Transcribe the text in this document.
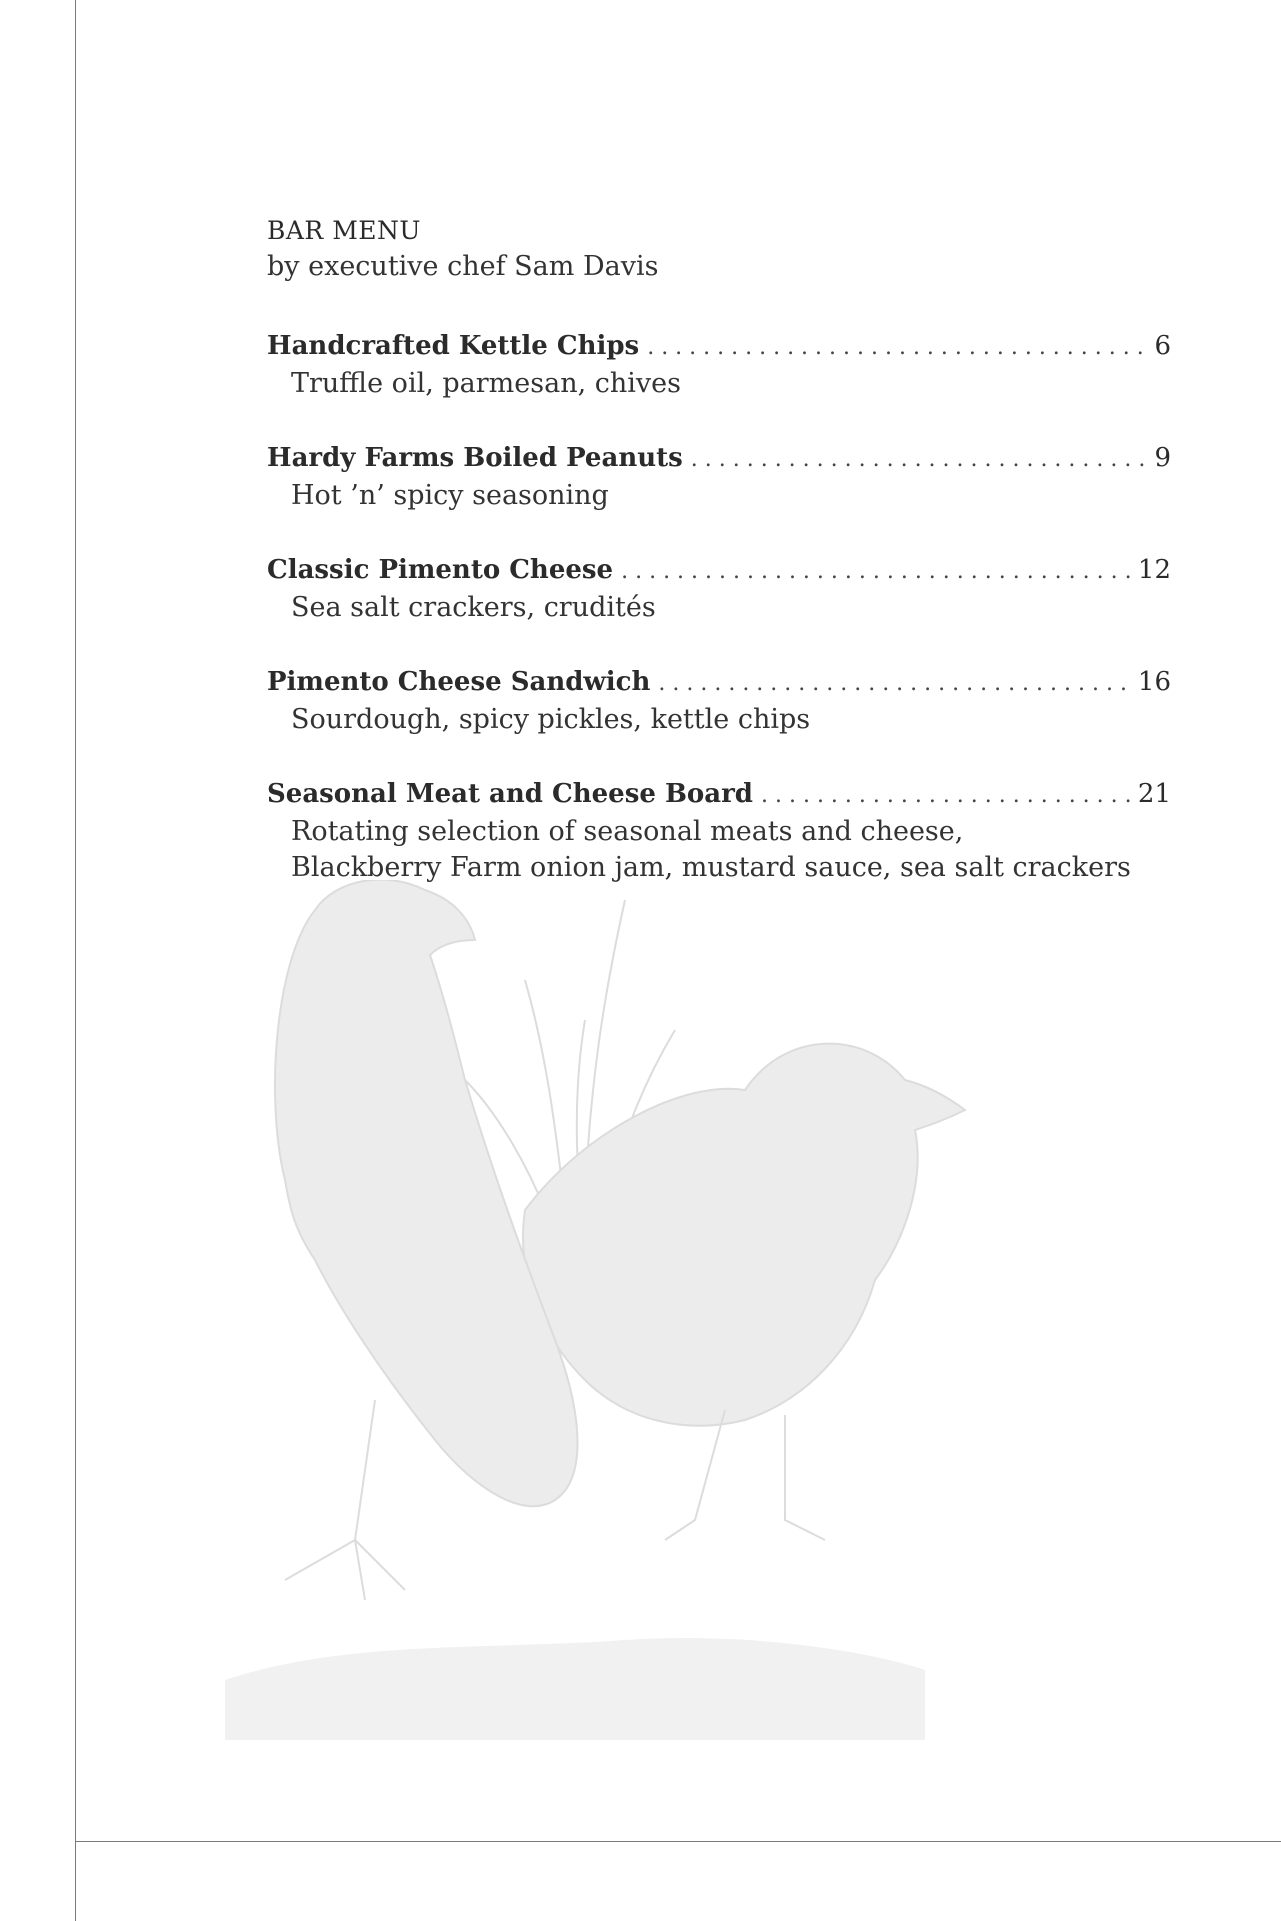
BAR MENU
by executive chef Sam Davis
Handcrafted Kettle Chips . . .	6
Truffle oil, parmesan, chives
Hardy Farms Boiled Peanuts . . .	9
Hot ’n’ spicy seasoning
Classic Pimento Cheese . . .	12
Sea salt crackers, crudités
Pimento Cheese Sandwich . . .	16
Sourdough, spicy pickles, kettle chips
Seasonal Meat and Cheese Board . . .	21
Rotating selection of seasonal meats and cheese,
Blackberry Farm onion jam, mustard sauce, sea salt crackers
